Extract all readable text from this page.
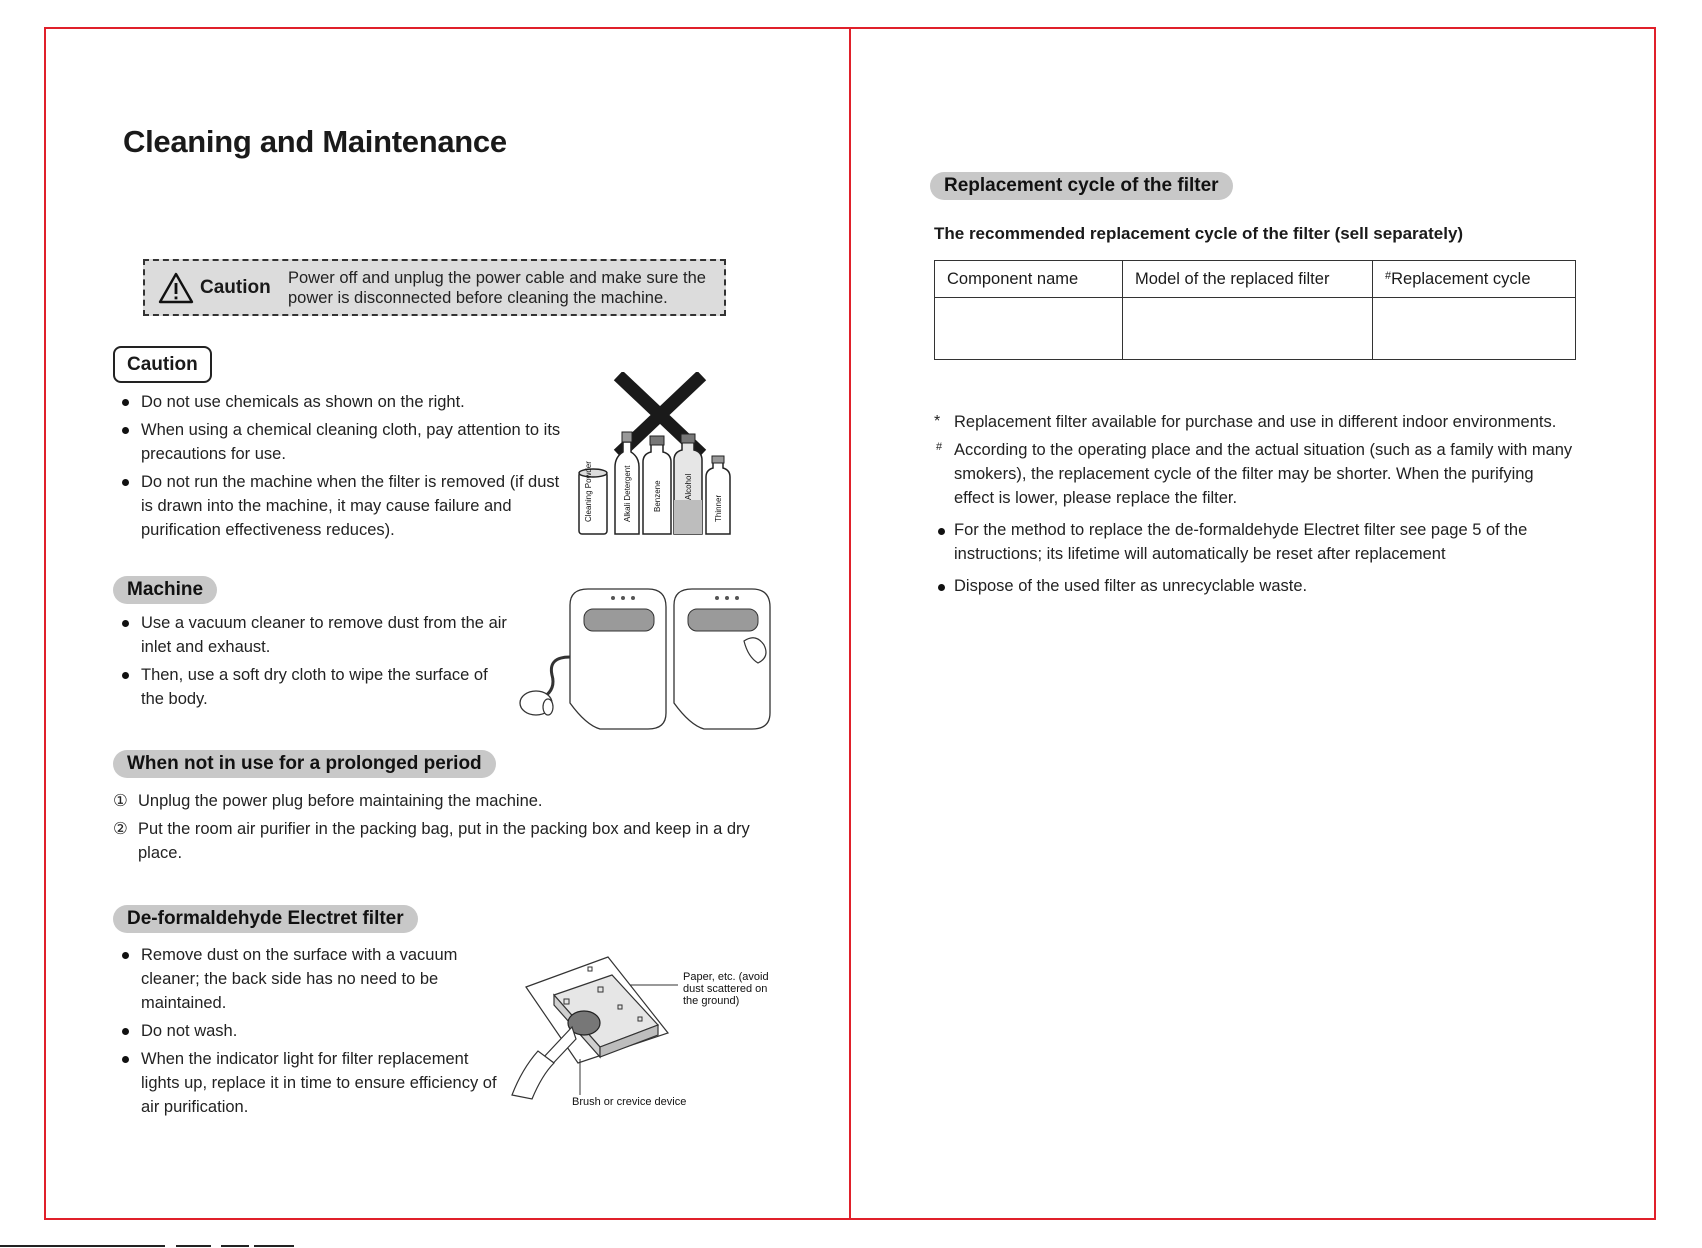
Cleaning and Maintenance
Caution Power off and unplug the power cable and make sure the power is disconnected before cleaning the machine.

Caution
Do not use chemicals as shown on the right.
When using a chemical cleaning cloth, pay attention to its precautions for use.
Do not run the machine when the filter is removed (if dust is drawn into the machine, it may cause failure and purification effectiveness reduces).
Cleaning Powder	Alkali Detergent	Benzene	Alcohol
Thinner
Machine
Use a vacuum cleaner to remove dust from the air inlet and exhaust.
Then, use a soft dry cloth to wipe the surface of the body.
When not in use for a prolonged period
① Unplug the power plug before maintaining the machine.
② Put the room air purifier in the packing bag, put in the packing box and keep in a dry place.
De-formaldehyde Electret filter
Remove dust on the surface with a vacuum cleaner; the back side has no need to be maintained.
Do not wash.
When the indicator light for filter replacement lights up, replace it in time to ensure efficiency of air purification.
Paper, etc. (avoid dust scattered on the ground)
Brush or crevice device
Replacement cycle of the filter
The recommended replacement cycle of the filter (sell separately)
Component name	Model of the replaced filter	#Replacement cycle

* Replacement filter available for purchase and use in different indoor environments.
# According to the operating place and the actual situation (such as a family with many smokers), the replacement cycle of the filter may be shorter. When the purifying effect is lower, please replace the filter.
For the method to replace the de-formaldehyde Electret filter see page 5 of the instructions; its lifetime will automatically be reset after replacement
Dispose of the used filter as unrecyclable waste.
